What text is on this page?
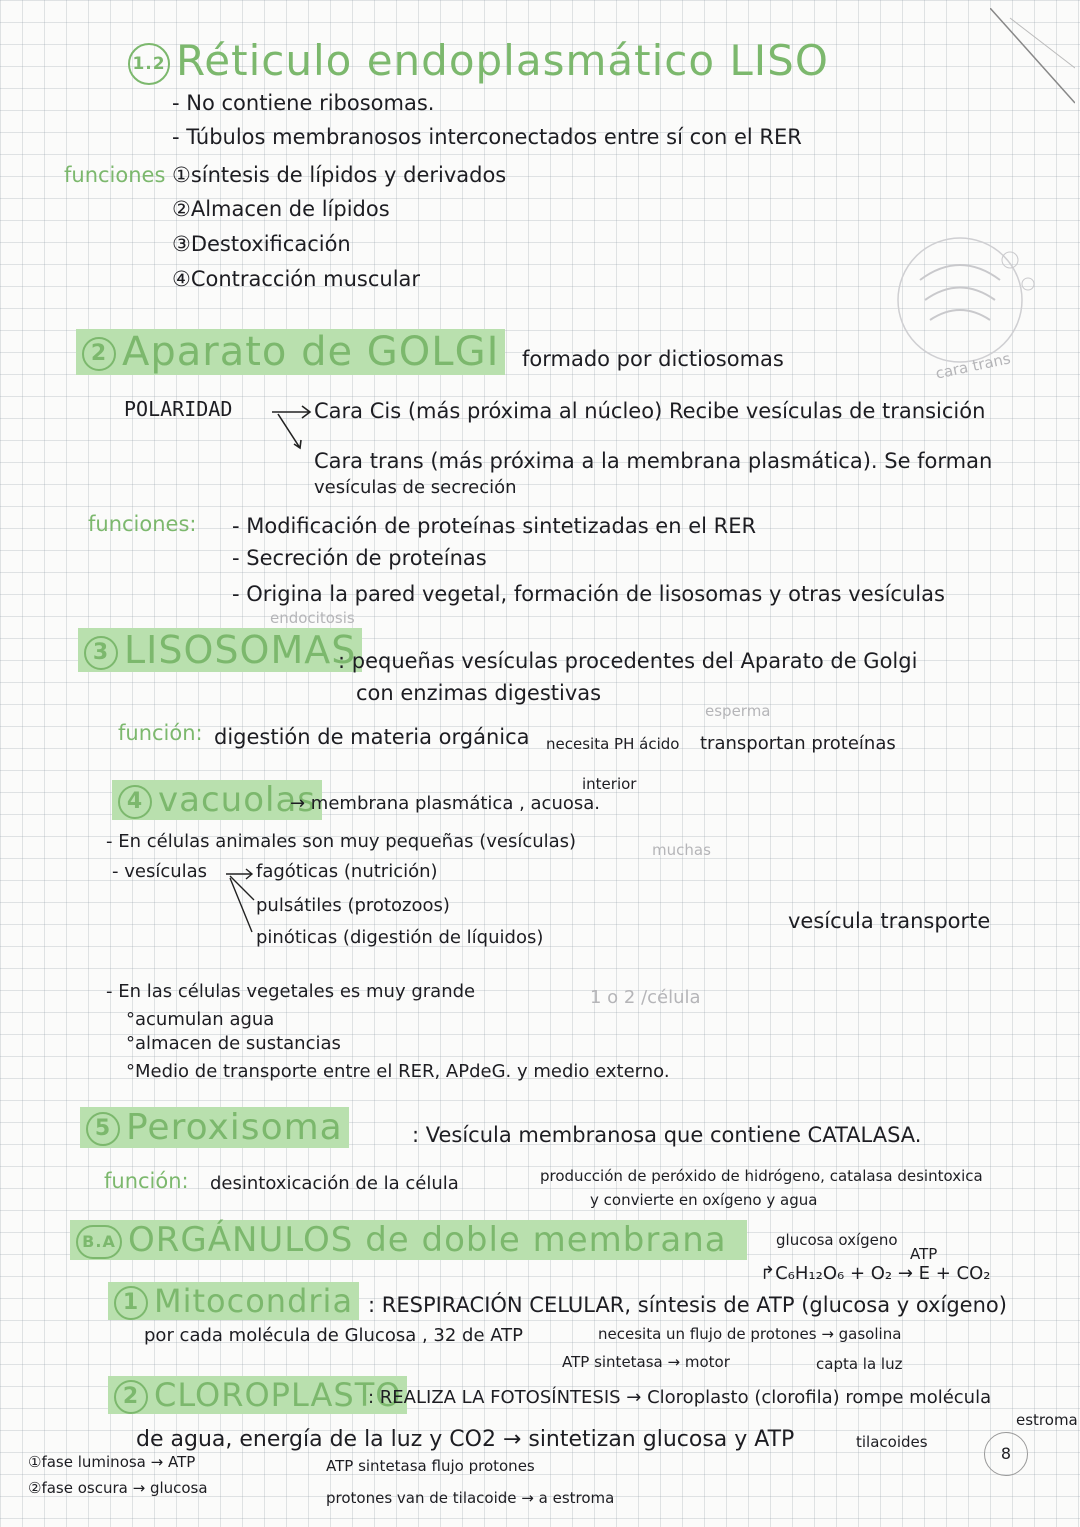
1.2 Réticulo endoplasmático LISO
- No contiene ribosomas.
- Túbulos membranosos interconectados entre sí con el RER
funciones ①síntesis de lípidos y derivados
②Almacen de lípidos
③Destoxificación
④Contracción muscular
2 Aparato de GOLGI formado por dictiosomas	cara trans
POLARIDAD	Cara Cis (más próxima al núcleo) Recibe vesículas de transición
Cara trans (más próxima a la membrana plasmática). Se forman
vesículas de secreción
funciones: - Modificación de proteínas sintetizadas en el RER
- Secreción de proteínas
- Origina la pared vegetal, formación de lisosomas y otras vesículas
endocitosis
3 LISOSOMAS
: pequeñas vesículas procedentes del Aparato de Golgi
con enzimas digestivas
esperma
función: digestión de materia orgánica necesita PH ácido transportan proteínas
interior
4 vacuolas
→ membrana plasmática , acuosa.
- En células animales son muy pequeñas (vesículas)	muchas
- vesículas	fagóticas (nutrición)
pulsátiles (protozoos)
pinóticas (digestión de líquidos)
vesícula transporte
- En las células vegetales es muy grande	1 o 2 /célula
°acumulan agua
°almacen de sustancias
°Medio de transporte entre el RER, APdeG. y medio externo.
5 Peroxisoma	: Vesícula membranosa que contiene CATALASA.
función: desintoxicación de la célula	producción de peróxido de hidrógeno, catalasa desintoxica
y convierte en oxígeno y agua
B.A ORGÁNULOS de doble membrana	glucosa oxígeno
ATP
↱C₆H₁₂O₆ + O₂ → E + CO₂
1 Mitocondria : RESPIRACIÓN CELULAR, síntesis de ATP (glucosa y oxígeno)
por cada molécula de Glucosa , 32 de ATP	necesita un flujo de protones → gasolina
ATP sintetasa → motor	capta la luz
2 CLOROPLASTO
: REALIZA LA FOTOSÍNTESIS → Cloroplasto (clorofila) rompe molécula
estroma
de agua, energía de la luz y CO2 → sintetizan glucosa y ATP	tilacoides
①fase luminosa → ATP
②fase oscura → glucosa
ATP sintetasa flujo protones
protones van de tilacoide → a estroma
8
